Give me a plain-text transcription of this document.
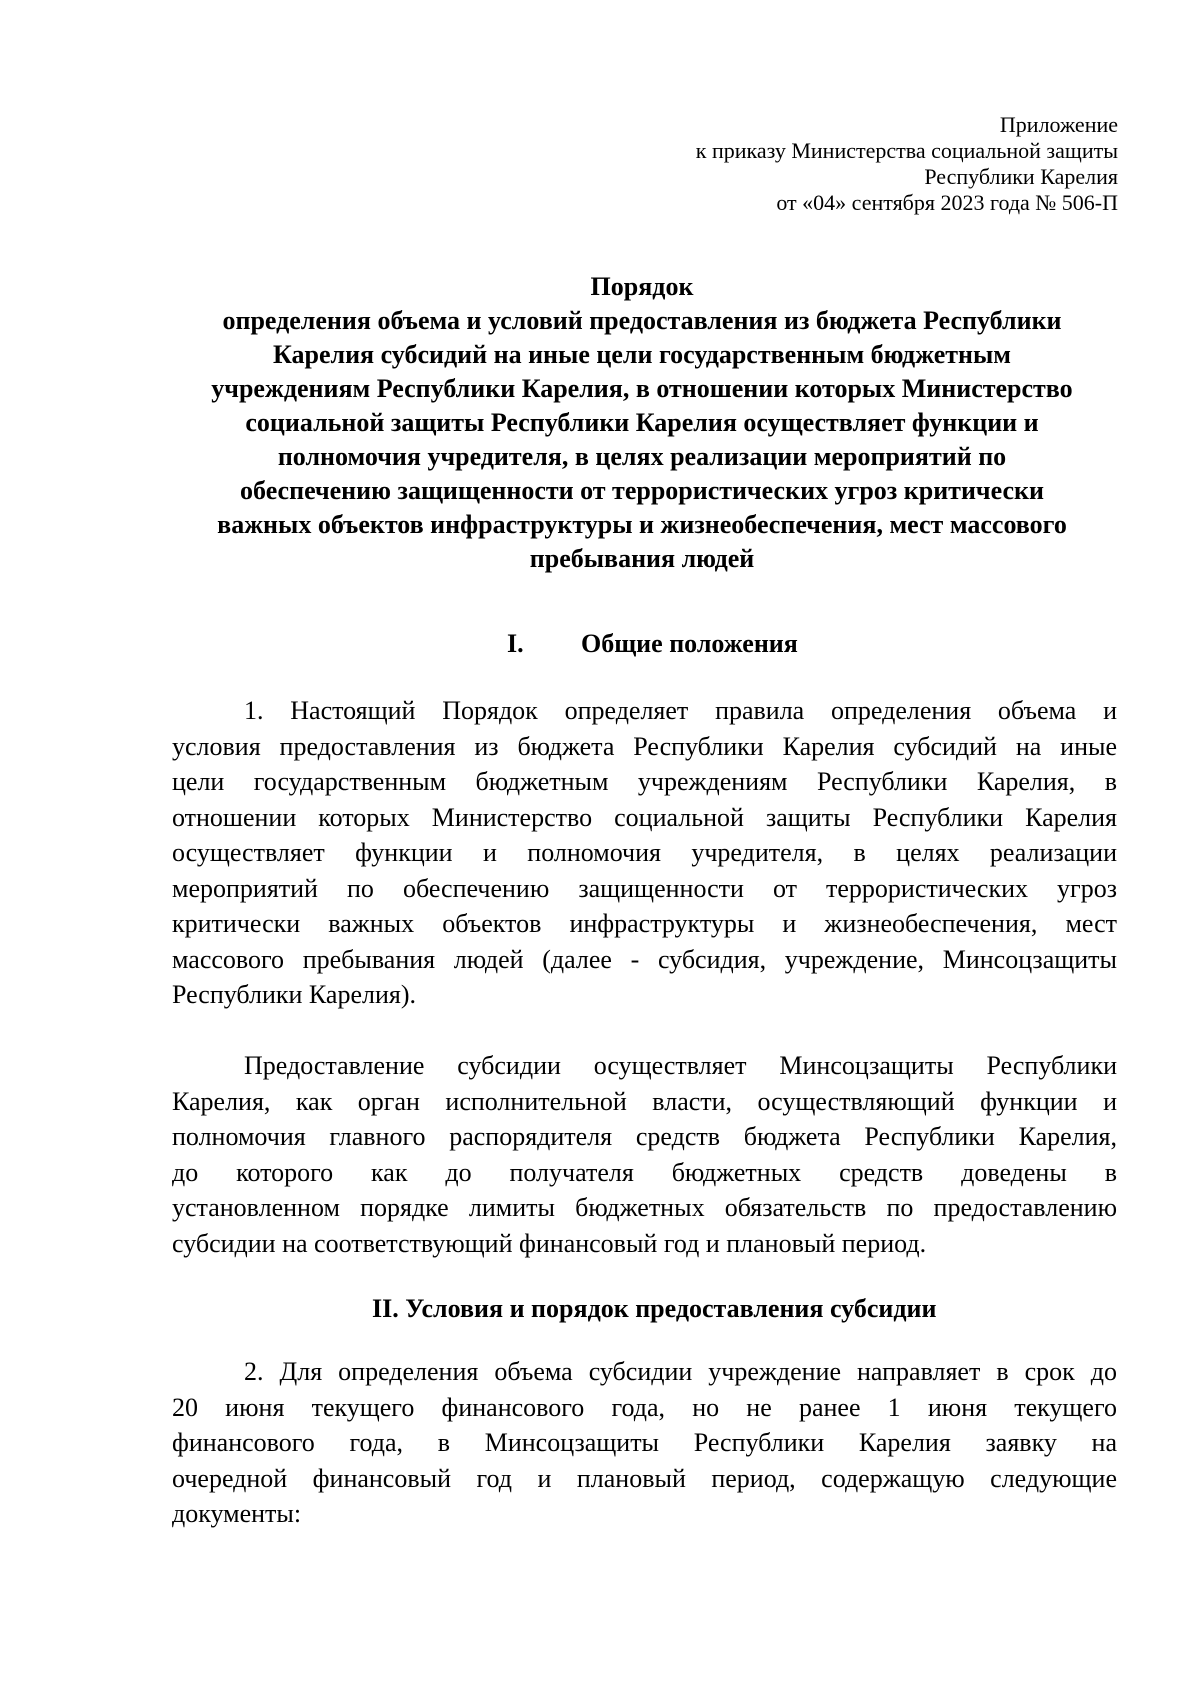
Приложение
к приказу Министерства социальной защиты
Республики Карелия
от «04» сентября 2023 года № 506-П
Порядок
определения объема и условий предоставления из бюджета Республики
Карелия субсидий на иные цели государственным бюджетным
учреждениям Республики Карелия, в отношении которых Министерство
социальной защиты Республики Карелия осуществляет функции и
полномочия учредителя, в целях реализации мероприятий по
обеспечению защищенности от террористических угроз критически
важных объектов инфраструктуры и жизнеобеспечения, мест массового
пребывания людей
I. Общие положения
1. Настоящий Порядок определяет правила определения объема и
условия предоставления из бюджета Республики Карелия субсидий на иные
цели государственным бюджетным учреждениям Республики Карелия, в
отношении которых Министерство социальной защиты Республики Карелия
осуществляет функции и полномочия учредителя, в целях реализации
мероприятий по обеспечению защищенности от террористических угроз
критически важных объектов инфраструктуры и жизнеобеспечения, мест
массового пребывания людей (далее - субсидия, учреждение, Минсоцзащиты
Республики Карелия).
Предоставление субсидии осуществляет Минсоцзащиты Республики
Карелия, как орган исполнительной власти, осуществляющий функции и
полномочия главного распорядителя средств бюджета Республики Карелия,
до которого как до получателя бюджетных средств доведены в
установленном порядке лимиты бюджетных обязательств по предоставлению
субсидии на соответствующий финансовый год и плановый период.
II. Условия и порядок предоставления субсидии
2. Для определения объема субсидии учреждение направляет в срок до
20 июня текущего финансового года, но не ранее 1 июня текущего
финансового года, в Минсоцзащиты Республики Карелия заявку на
очередной финансовый год и плановый период, содержащую следующие
документы:
